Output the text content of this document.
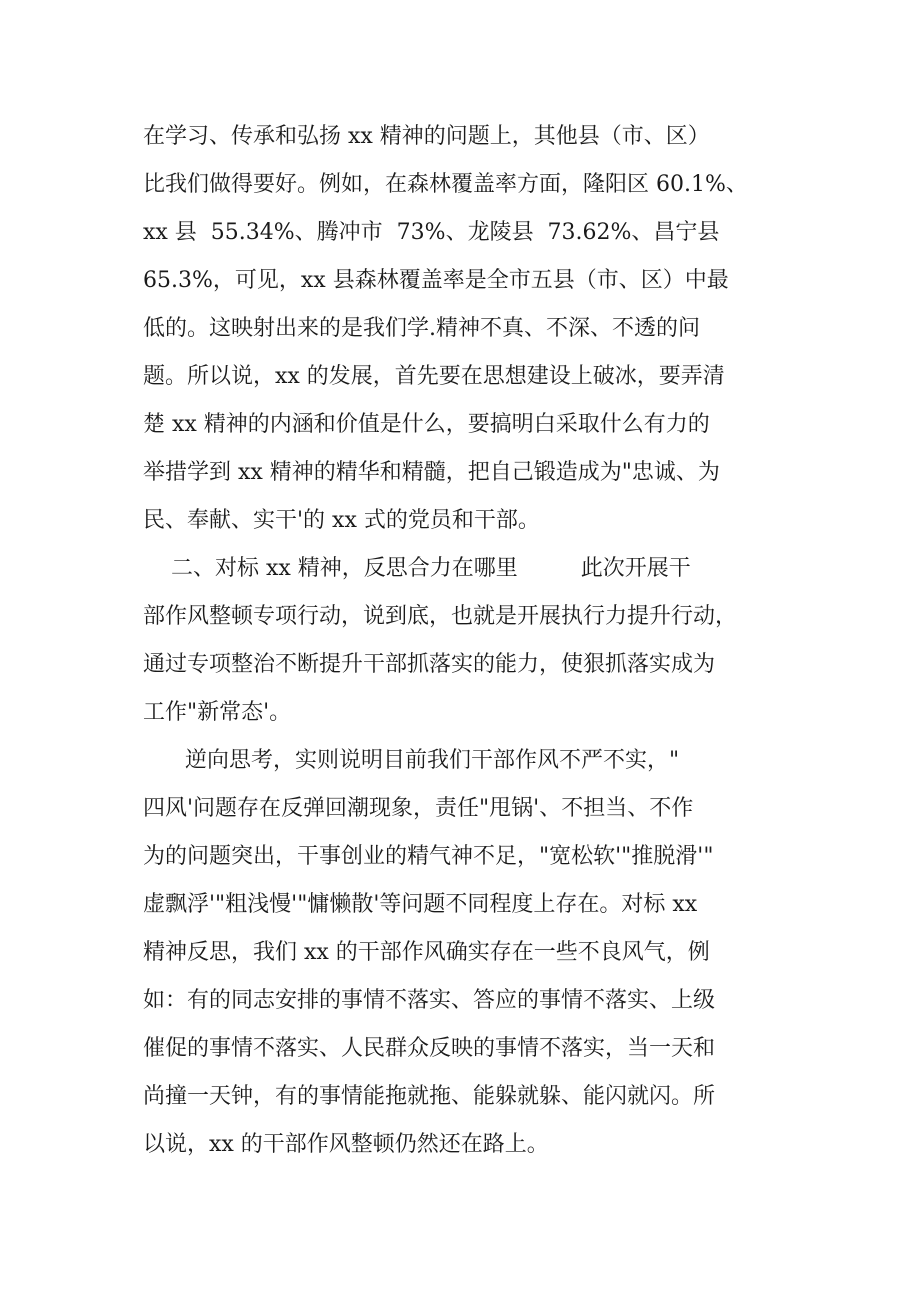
在学习、传承和弘扬 xx 精神的问题上，其他县（市、区）

比我们做得要好。例如，在森林覆盖率方面，隆阳区 60.1%、

xx 县  55.34%、腾冲市  73%、龙陵县  73.62%、昌宁县

65.3%，可见，xx 县森林覆盖率是全市五县（市、区）中最

低的。这映射出来的是我们学.精神不真、不深、不透的问

题。所以说，xx 的发展，首先要在思想建设上破冰，要弄清

楚 xx 精神的内涵和价值是什么，要搞明白采取什么有力的

举措学到 xx 精神的精华和精髓，把自己锻造成为"忠诚、为

民、奉献、实干'的 xx 式的党员和干部。

二、对标 xx 精神，反思合力在哪里         此次开展干

部作风整顿专项行动，说到底，也就是开展执行力提升行动，

通过专项整治不断提升干部抓落实的能力，使狠抓落实成为

工作"新常态'。

逆向思考，实则说明目前我们干部作风不严不实，"

四风'问题存在反弹回潮现象，责任"甩锅'、不担当、不作

为的问题突出，干事创业的精气神不足，"宽松软'"推脱滑'"

虚飘浮'"粗浅慢'"慵懒散'等问题不同程度上存在。对标 xx

精神反思，我们 xx 的干部作风确实存在一些不良风气，例

如：有的同志安排的事情不落实、答应的事情不落实、上级

催促的事情不落实、人民群众反映的事情不落实，当一天和

尚撞一天钟，有的事情能拖就拖、能躲就躲、能闪就闪。所

以说，xx 的干部作风整顿仍然还在路上。
